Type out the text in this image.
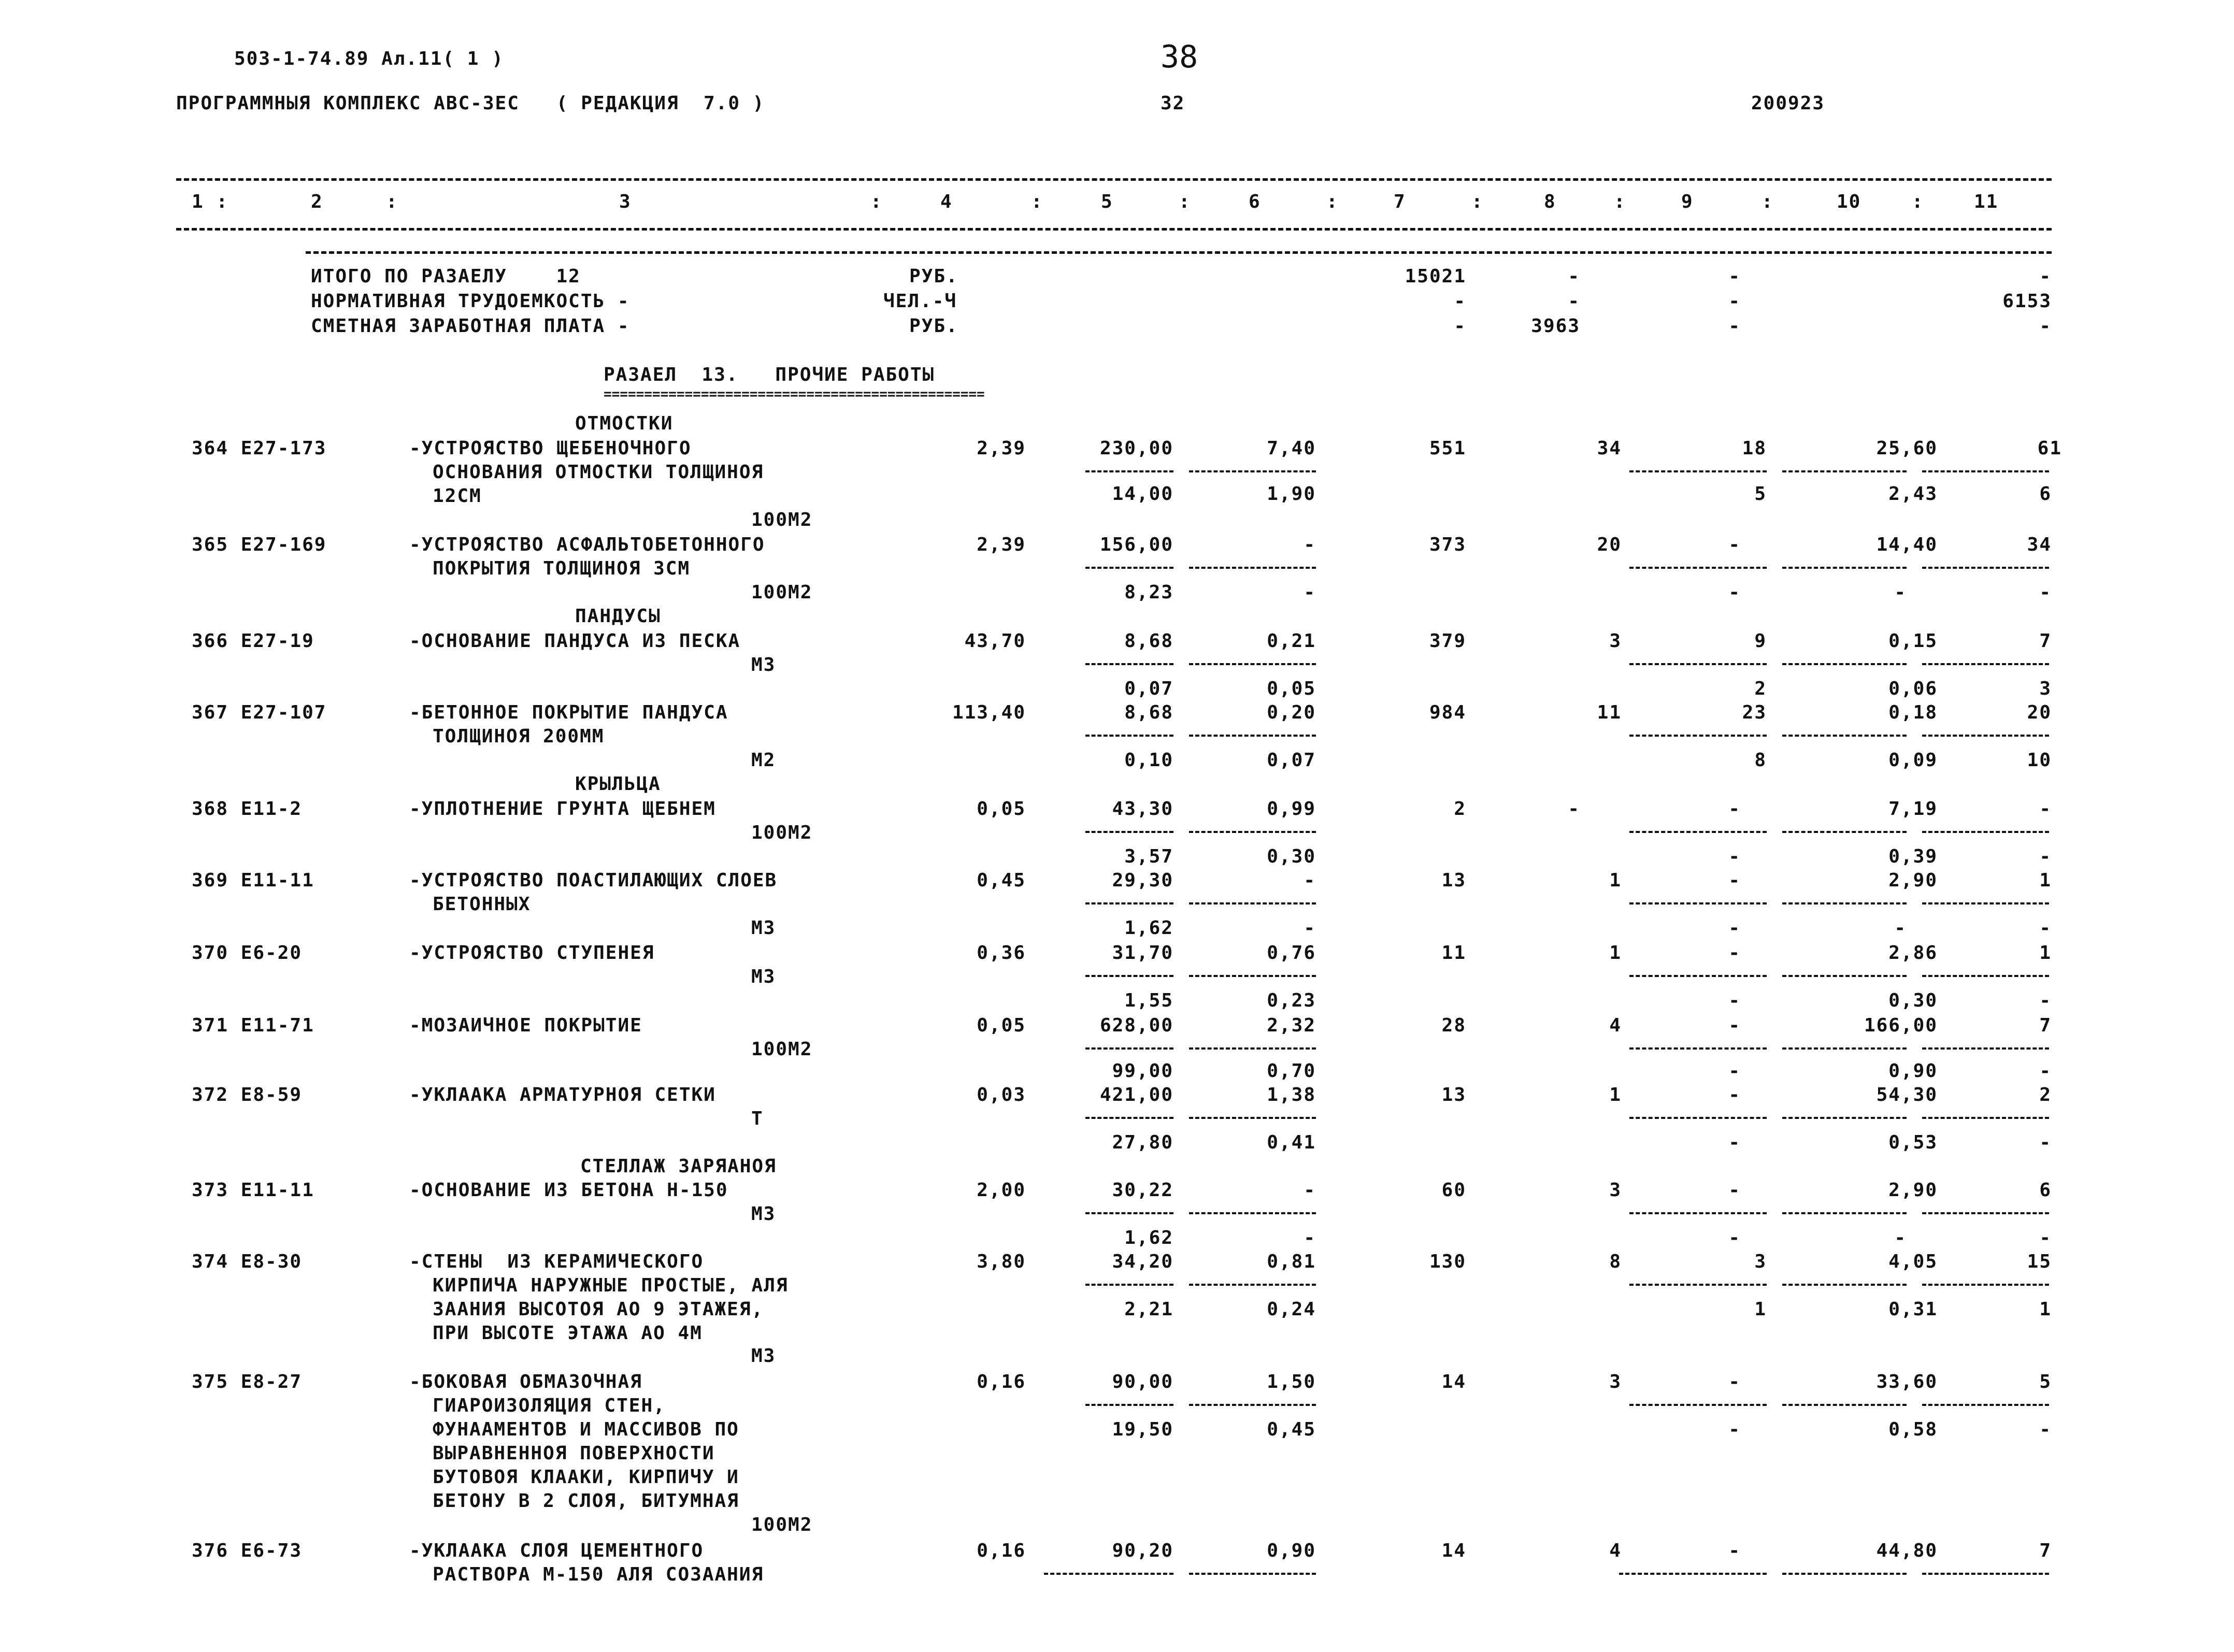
503-1-74.89 Ал.11( 1 )	38
ПРОГРАММНЫЯ КОМПЛЕКС АВС-ЗЕС   ( РЕДАКЦИЯ  7.0 )	32	200923
1 :	2	:	3	:	4	:	5	:	6	:	7	:	8	:	9	:	10	:	11
ИТОГО ПО РАЗАЕЛУ    12	РУБ.	15021	-	-	-
НОРМАТИВНАЯ ТРУДОЕМКОСТЬ -	ЧЕЛ.-Ч	-	-	-	6153
СМЕТНАЯ ЗАРАБОТНАЯ ПЛАТА -	РУБ.	-	3963	-	-
РАЗАЕЛ  13.   ПРОЧИЕ РАБОТЫ
===============================================
ОТМОСТКИ
364 Е27-173	-УСТРОЯСТВО ЩЕБЕНОЧНОГО
ОСНОВАНИЯ ОТМОСТКИ ТОЛЩИНОЯ
12СМ
100М2
2,39	230,00	7,40	551	34	18	25,60	61
14,00	1,90	5	2,43	6
365 Е27-169	-УСТРОЯСТВО АСФАЛЬТОБЕТОННОГО
ПОКРЫТИЯ ТОЛЩИНОЯ 3СМ
100М2
2,39	156,00	-	373	20	-	14,40	34
8,23	-	-	-	-
ПАНДУСЫ
366 Е27-19	-ОСНОВАНИЕ ПАНДУСА ИЗ ПЕСКА
М3
43,70	8,68	0,21	379	3	9	0,15	7
0,07	0,05	2	0,06	3
367 Е27-107	-БЕТОННОЕ ПОКРЫТИЕ ПАНДУСА
ТОЛЩИНОЯ 200ММ
М2
113,40	8,68	0,20	984	11	23	0,18	20
0,10	0,07	8	0,09	10
КРЫЛЬЦА
368 Е11-2	-УПЛОТНЕНИЕ ГРУНТА ЩЕБНЕМ
100М2
0,05	43,30	0,99	2	-	-	7,19	-
3,57	0,30	-	0,39	-
369 Е11-11	-УСТРОЯСТВО ПОАСТИЛАЮЩИХ СЛОЕВ
БЕТОННЫХ
М3
0,45	29,30	-	13	1	-	2,90	1
1,62	-	-	-	-
370 Е6-20	-УСТРОЯСТВО СТУПЕНЕЯ
М3
0,36	31,70	0,76	11	1	-	2,86	1
1,55	0,23	-	0,30	-
371 Е11-71	-МОЗАИЧНОЕ ПОКРЫТИЕ
100М2
0,05	628,00	2,32	28	4	-	166,00	7
99,00	0,70	-	0,90	-
372 Е8-59	-УКЛААКА АРМАТУРНОЯ СЕТКИ
Т
0,03	421,00	1,38	13	1	-	54,30	2
27,80	0,41	-	0,53	-
СТЕЛЛАЖ ЗАРЯАНОЯ
373 Е11-11	-ОСНОВАНИЕ ИЗ БЕТОНА Н-150
М3
2,00	30,22	-	60	3	-	2,90	6
1,62	-	-	-	-
374 Е8-30	-СТЕНЫ  ИЗ КЕРАМИЧЕСКОГО
КИРПИЧА НАРУЖНЫЕ ПРОСТЫЕ, АЛЯ
ЗААНИЯ ВЫСОТОЯ АО 9 ЭТАЖЕЯ,
ПРИ ВЫСОТЕ ЭТАЖА АО 4М
М3
3,80	34,20	0,81	130	8	3	4,05	15
2,21	0,24	1	0,31	1
375 Е8-27	-БОКОВАЯ ОБМАЗОЧНАЯ
ГИАРОИЗОЛЯЦИЯ СТЕН,
ФУНААМЕНТОВ И МАССИВОВ ПО
ВЫРАВНЕННОЯ ПОВЕРХНОСТИ
БУТОВОЯ КЛААКИ, КИРПИЧУ И
БЕТОНУ В 2 СЛОЯ, БИТУМНАЯ
100М2
0,16	90,00	1,50	14	3	-	33,60	5
19,50	0,45	-	0,58	-
376 Е6-73	-УКЛААКА СЛОЯ ЦЕМЕНТНОГО
РАСТВОРА М-150 АЛЯ СОЗААНИЯ
0,16	90,20	0,90	14	4	-	44,80	7
